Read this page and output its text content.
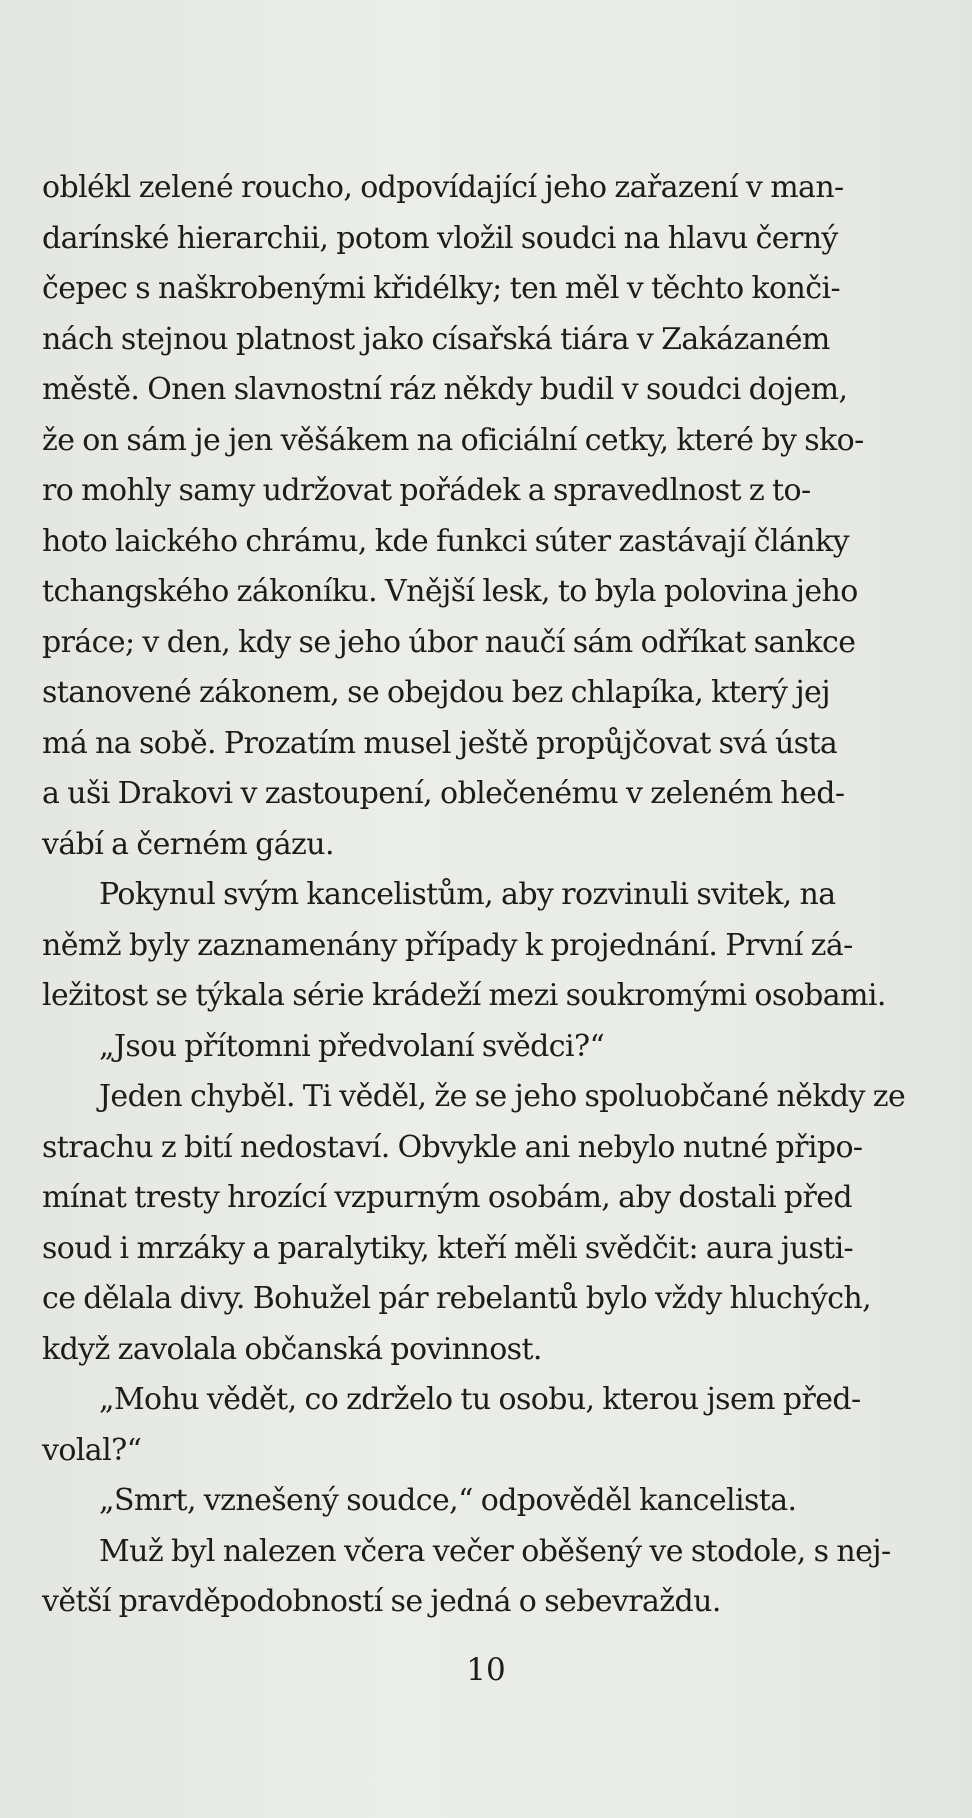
oblékl zelené roucho, odpovídající jeho zařazení v man-
darínské hierarchii, potom vložil soudci na hlavu černý
čepec s naškrobenými křidélky; ten měl v těchto konči-
nách stejnou platnost jako císařská tiára v Zakázaném
městě. Onen slavnostní ráz někdy budil v soudci dojem,
že on sám je jen věšákem na oficiální cetky, které by sko-
ro mohly samy udržovat pořádek a spravedlnost z to-
hoto laického chrámu, kde funkci súter zastávají články
tchangského zákoníku. Vnější lesk, to byla polovina jeho
práce; v den, kdy se jeho úbor naučí sám odříkat sankce
stanovené zákonem, se obejdou bez chlapíka, který jej
má na sobě. Prozatím musel ještě propůjčovat svá ústa
a uši Drakovi v zastoupení, oblečenému v zeleném hed-
vábí a černém gázu.
Pokynul svým kancelistům, aby rozvinuli svitek, na
němž byly zaznamenány případy k projednání. První zá-
ležitost se týkala série krádeží mezi soukromými osobami.
„Jsou přítomni předvolaní svědci?“
Jeden chyběl. Ti věděl, že se jeho spoluobčané někdy ze
strachu z bití nedostaví. Obvykle ani nebylo nutné připo-
mínat tresty hrozící vzpurným osobám, aby dostali před
soud i mrzáky a paralytiky, kteří měli svědčit: aura justi-
ce dělala divy. Bohužel pár rebelantů bylo vždy hluchých,
když zavolala občanská povinnost.
„Mohu vědět, co zdrželo tu osobu, kterou jsem před-
volal?“
„Smrt, vznešený soudce,“ odpověděl kancelista.
Muž byl nalezen včera večer oběšený ve stodole, s nej-
větší pravděpodobností se jedná o sebevraždu.
10
